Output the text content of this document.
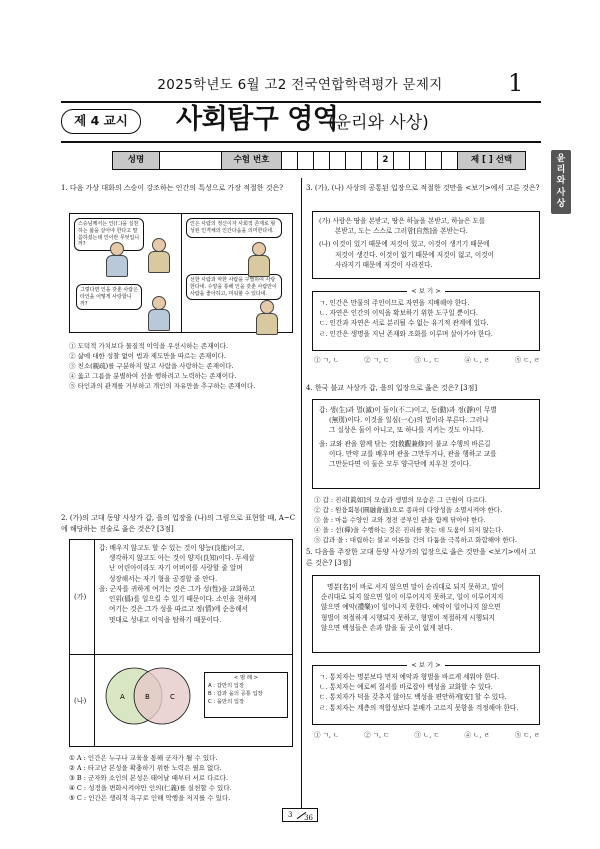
2025학년도 6월 고2 전국연합학력평가 문제지	1
제 4 교시	사회탐구 영역
(윤리와 사상)
성명	수험 번호	2	제 [ ] 선택	윤
리
와
사
상
1. 다음 가상 대화의 스승이 강조하는 인간의 특성으로 가장 적절한 것은?
스승님께서는 인(仁)을 실천하는 삶을 살아야 한다고 말씀하셨는데 인이란 무엇입니까?
인은 사람의 정신이자 사회적 존재로 형성된 인격체의 인간다움을 의미한다네.
그렇다면 인을 갖춘 사람은 타인을 어떻게 사랑합니까?
선한 사람과 악한 사람을 구별하여 사랑한다네. 수양을 통해 인을 갖춘 사람만이 사람을 좋아하고, 미워할 수 있다네.
① 도덕적 가치보다 물질적 이익을 우선시하는 존재이다.
② 삶에 대한 성찰 없이 법과 제도만을 따르는 존재이다.
③ 친소(親疏)를 구분하지 않고 사람을 사랑하는 존재이다.
④ 옳고 그름을 분별하여 선을 행하려고 노력하는 존재이다.
⑤ 타인과의 관계를 거부하고 개인의 자유만을 추구하는 존재이다.
2. (가)의 고대 동양 사상가 갑, 을의 입장을 (나)의 그림으로 표현할 때, A~C에 해당하는 진술로 옳은 것은? [3점]
(가)
(나)
갑: 배우지 않고도 할 수 있는 것이 양능(良能)이고,
생각하지 않고도 아는 것이 양지(良知)이다. 두세살
난 어린아이라도 자기 어버이를 사랑할 줄 알며
성장해서는 자기 형을 공경할 줄 안다.
을: 군자를 귀하게 여기는 것은 그가 성(性)을 교화하고
인위(僞)를 일으킬 수 있기 때문이다. 소인을 천하게
여기는 것은 그가 성을 따르고 정(情)에 순응해서
멋대로 성내고 이익을 탐하기 때문이다.
A	B	C
< 범 례 >
A : 갑만의 입장
B : 갑과 을의 공통 입장
C : 을만의 입장
① A : 인간은 누구나 교육을 통해 군자가 될 수 있다.
② A : 타고난 본성을 확충하기 위한 노력은 필요 없다.
③ B : 군자와 소인의 본성은 태어날 때부터 서로 다르다.
④ C : 성정을 변화시켜야만 인의(仁義)를 실천할 수 있다.
⑤ C : 인간은 생리적 욕구로 인해 악행을 저지를 수 있다.
3. (가), (나) 사상의 공통된 입장으로 적절한 것만을 <보기>에서 고른 것은?
(가) 사람은 땅을 본받고, 땅은 하늘을 본받고, 하늘은 도를
본받고, 도는 스스로 그러함[自然]을 본받는다.
(나) 이것이 있기 때문에 저것이 있고, 이것이 생기기 때문에
저것이 생긴다. 이것이 없기 때문에 저것이 없고, 이것이
사라지기 때문에 저것이 사라진다.
< 보 기 >
ㄱ. 인간은 만물의 주인이므로 자연을 지배해야 한다.
ㄴ. 자연은 인간의 이익을 확보하기 위한 도구일 뿐이다.
ㄷ. 인간과 자연은 서로 분리될 수 없는 유기적 관계에 있다.
ㄹ. 인간은 생명을 지닌 존재와 조화를 이루며 살아가야 한다.
① ㄱ, ㄴ	② ㄱ, ㄷ	③ ㄴ, ㄷ	④ ㄴ, ㄹ	⑤ ㄷ, ㄹ
4. 한국 불교 사상가 갑, 을의 입장으로 옳은 것은? [3점]
갑: 생(生)과 멸(滅)이 둘이(不二)이고, 동(動)과 정(靜)이 무별
(無別)이다. 이것을 일심(一心)의 법이라 부른다. 그러나
그 실상은 둘이 아니고, 또 하나를 지키는 것도 아니다.
을: 교와 관을 함께 닦는 것[敎觀兼修]이 불교 수행의 바른길
이다. 만약 교를 배우며 관을 그만두거나, 관을 행하고 교를
그만둔다면 이 둘은 모두 양극단에 치우친 것이다.
① 갑 : 진리[眞如]의 모습과 생멸의 모습은 그 근원이 다르다.
② 갑 : 원융회통(圓融會通)으로 종파의 다양성을 소멸시켜야 한다.
③ 을 : 마음 수양인 교와 경전 공부인 관을 함께 닦아야 한다.
④ 을 : 선(禪)을 수행하는 것은 진리를 찾는 데 도움이 되지 않는다.
⑤ 갑과 을 : 대립하는 불교 이론들 간의 다툼을 극복하고 화합해야 한다.
5. 다음을 주장한 고대 동양 사상가의 입장으로 옳은 것만을 <보기>에서 고른 것은? [3점]
명분[名]이 바로 서지 않으면 말이 순리대로 되지 못하고, 말이
순리대로 되지 않으면 일이 이루어지지 못하고, 일이 이루어지지
않으면 예악(禮樂)이 일어나지 못한다. 예악이 일어나지 않으면
형벌이 적절하게 시행되지 못하고, 형벌이 적절하게 시행되지
않으면 백성들은 손과 발을 둘 곳이 없게 된다.
< 보 기 >
ㄱ. 통치자는 명분보다 먼저 예악과 형벌을 바르게 세워야 한다.
ㄴ. 통치자는 예로써 질서를 바로잡아 백성을 교화할 수 있다.
ㄷ. 통치자가 덕을 갖추지 않아도 백성을 편안하게[安] 할 수 있다.
ㄹ. 통치자는 계층의 적합성보다 분배가 고르지 못함을 걱정해야 한다.
① ㄱ, ㄴ	② ㄱ, ㄷ	③ ㄴ, ㄷ	④ ㄴ, ㄹ	⑤ ㄷ, ㄹ
3 36
